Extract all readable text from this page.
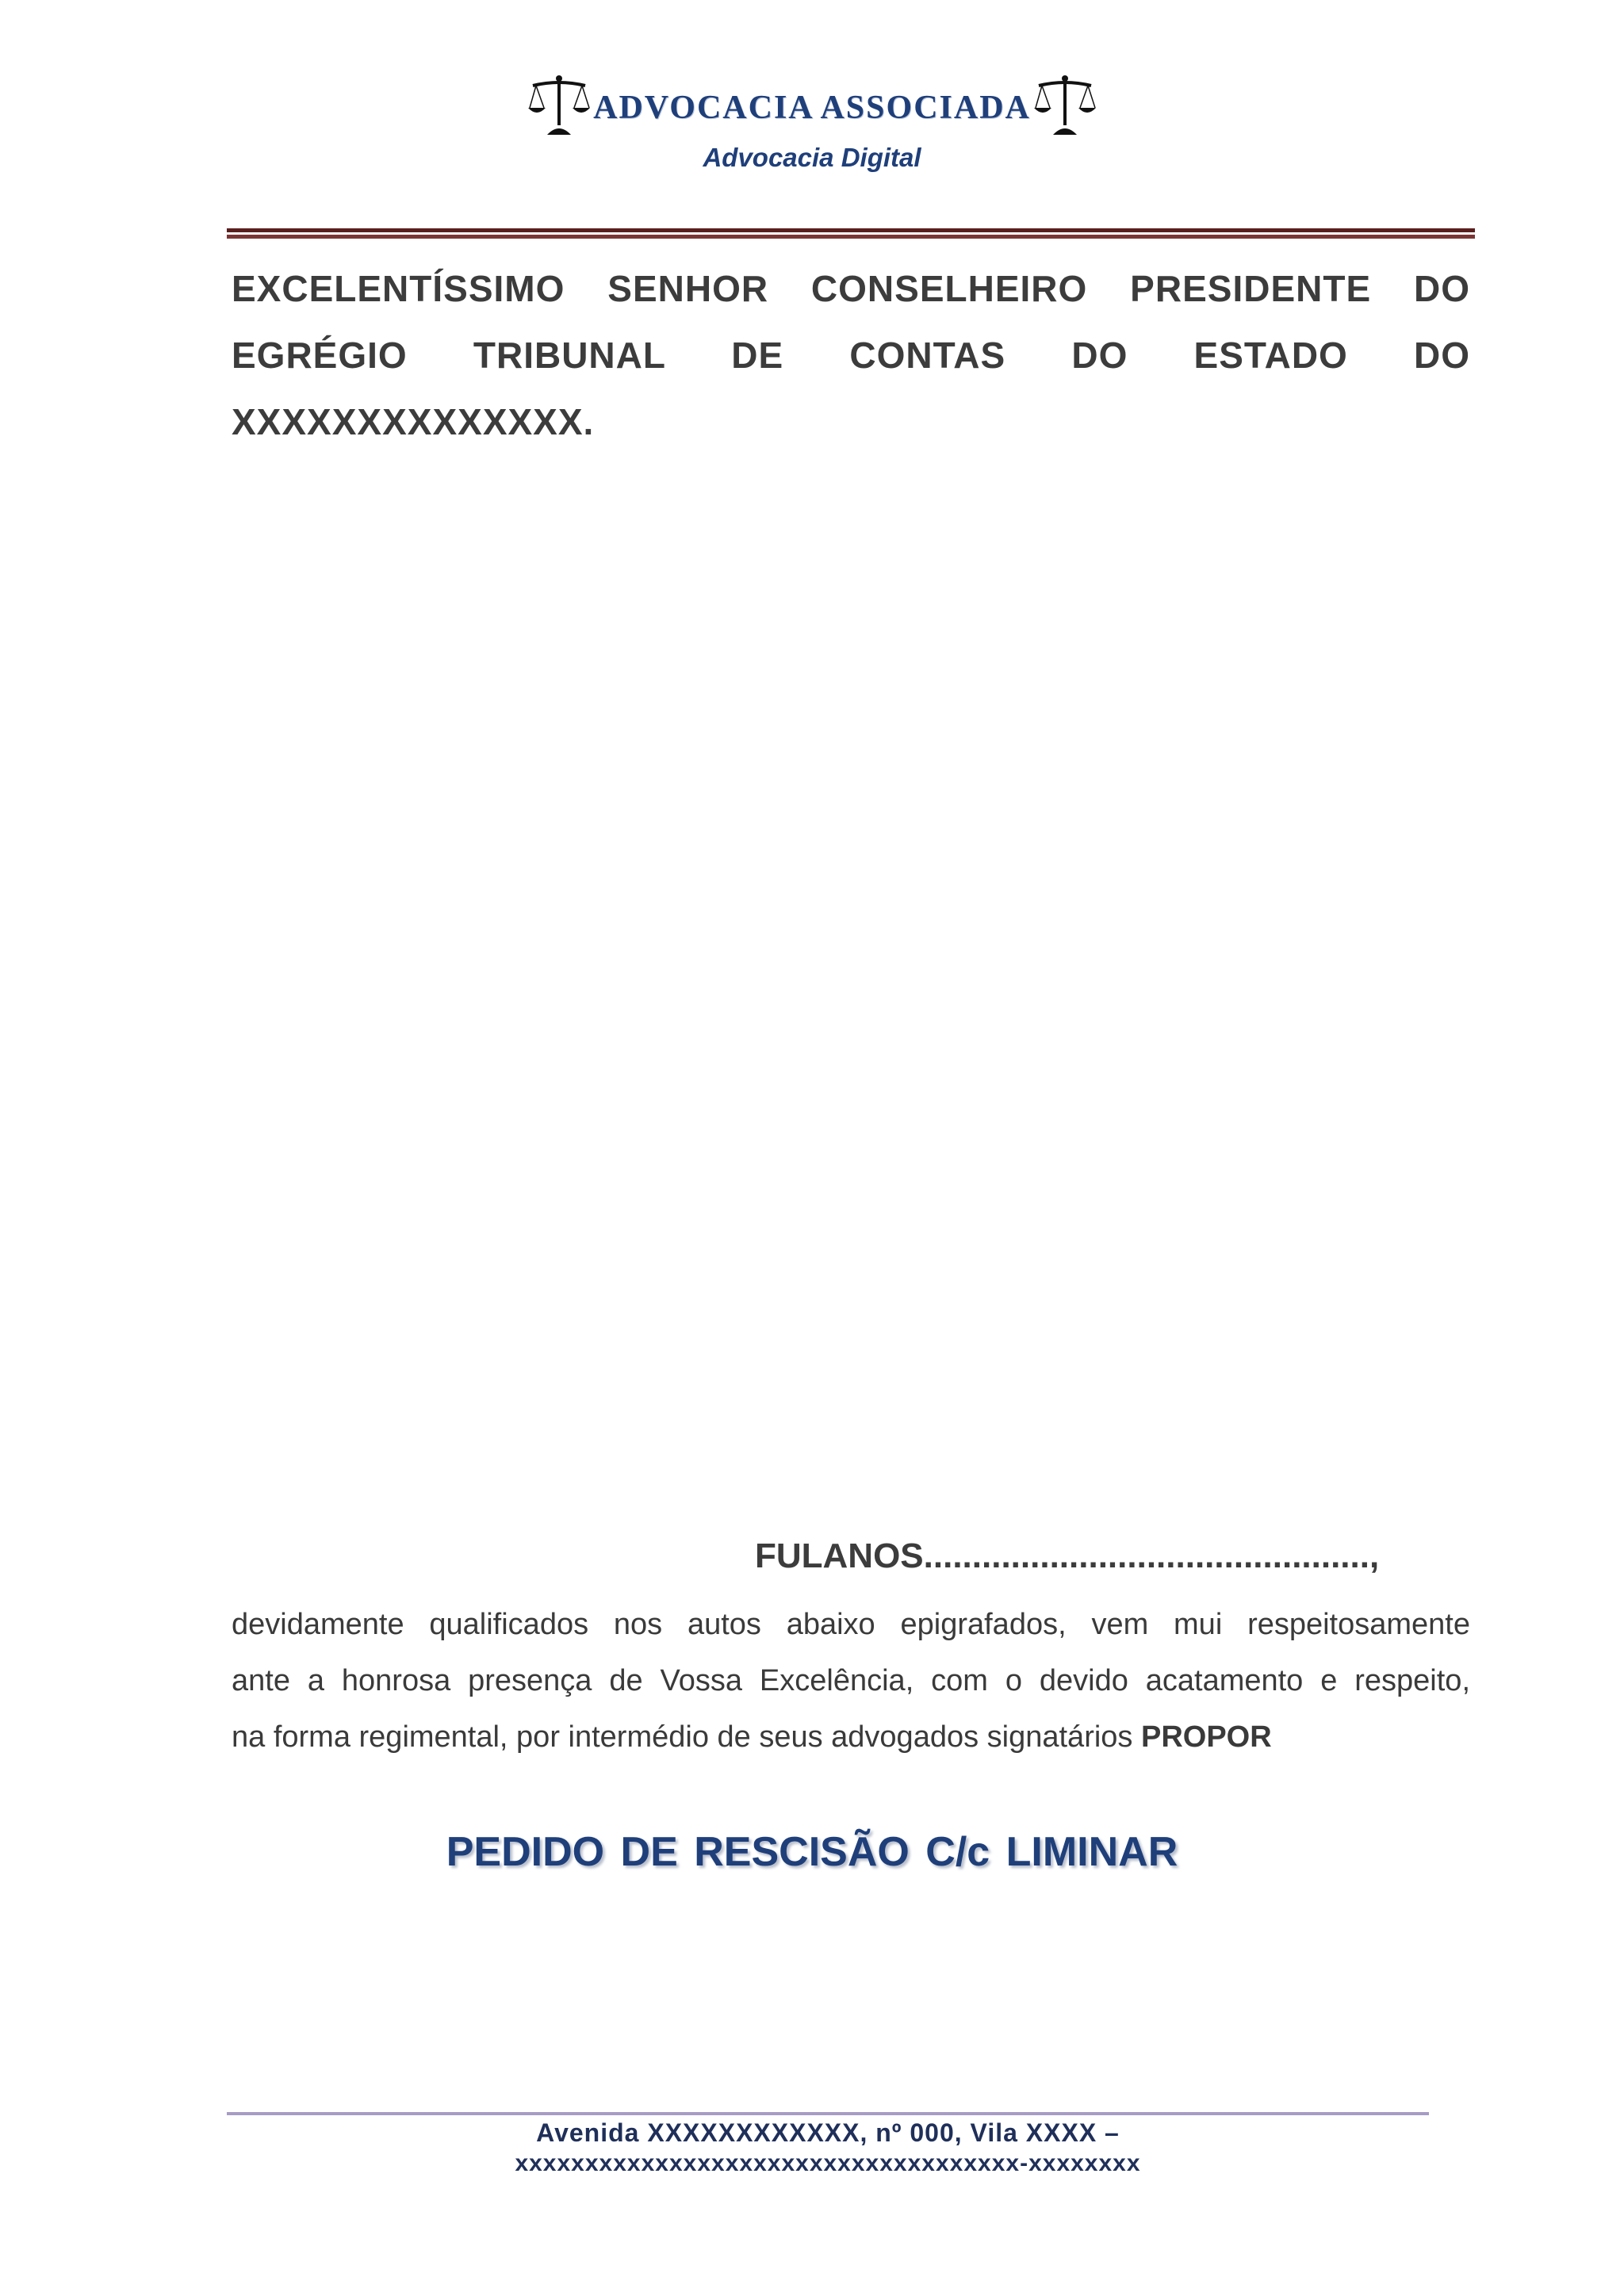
ADVOCACIA ASSOCIADA
Advocacia Digital

EXCELENTÍSSIMO SENHOR CONSELHEIRO PRESIDENTE DO
EGRÉGIO TRIBUNAL DE CONTAS DO ESTADO DO
XXXXXXXXXXXXXX.

FULANOS..............................................,

devidamente qualificados nos autos abaixo epigrafados, vem mui respeitosamente
ante a honrosa presença de Vossa Excelência, com o devido acatamento e respeito,
na forma regimental, por intermédio de seus advogados signatários PROPOR

PEDIDO DE RESCISÃO C/c LIMINAR
Avenida XXXXXXXXXXXX, nº 000, Vila XXXX –
xxxxxxxxxxxxxxxxxxxxxxxxxxxxxxxxxxxx-xxxxxxxx
